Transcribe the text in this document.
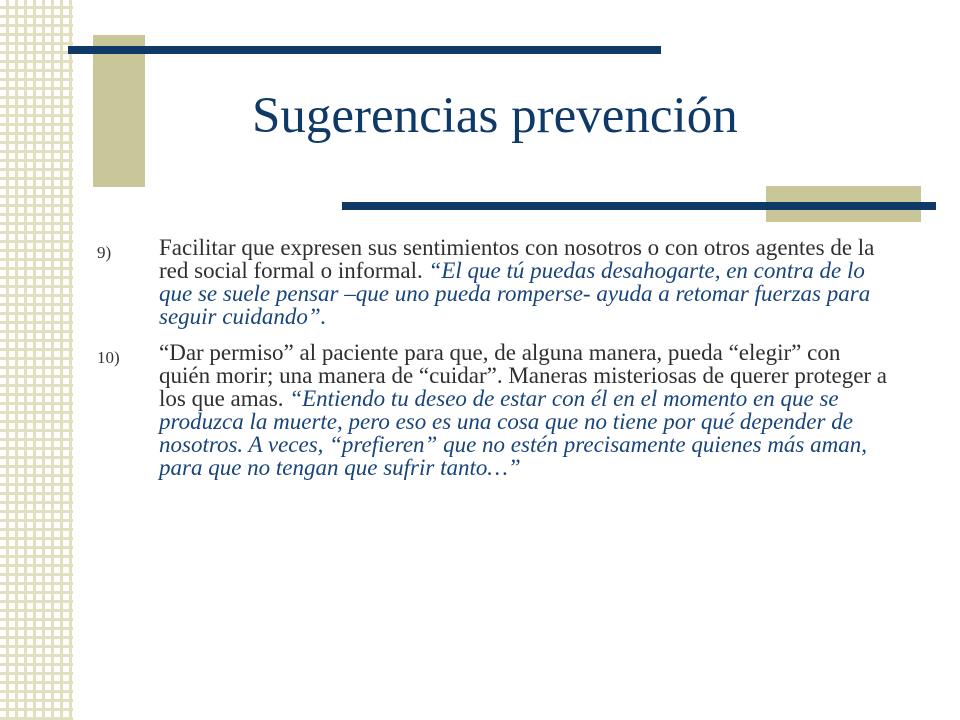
Sugerencias prevención
9)	Facilitar que expresen sus sentimientos con nosotros o con otros agentes de la red social formal o informal. “El que tú puedas desahogarte, en contra de lo que se suele pensar –que uno pueda romperse- ayuda a retomar fuerzas para seguir cuidando”.
10)	“Dar permiso” al paciente para que, de alguna manera, pueda “elegir” con quién morir; una manera de “cuidar”. Maneras misteriosas de querer proteger a los que amas. “Entiendo tu deseo de estar con él en el momento en que se produzca la muerte, pero eso es una cosa que no tiene por qué depender de nosotros. A veces, “prefieren” que no estén precisamente quienes más aman, para que no tengan que sufrir tanto…”
